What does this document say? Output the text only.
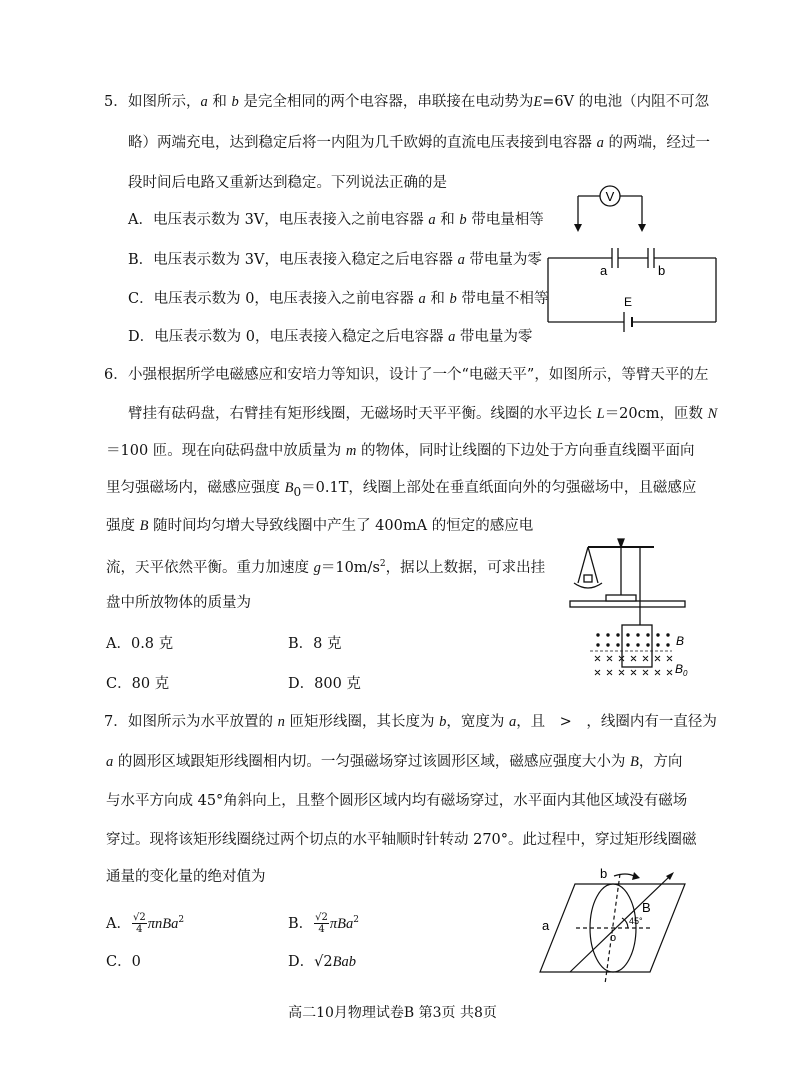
5． 如图所示，a 和 b 是完全相同的两个电容器，串联接在电动势为E=6V 的电池（内阻不可忽
略）两端充电，达到稳定后将一内阻为几千欧姆的直流电压表接到电容器 a 的两端，经过一
段时间后电路又重新达到稳定。下列说法正确的是
A．电压表示数为 3V，电压表接入之前电容器 a 和 b 带电量相等
B．电压表示数为 3V，电压表接入稳定之后电容器 a 带电量为零
C．电压表示数为 0，电压表接入之前电容器 a 和 b 带电量不相等
D．电压表示数为 0，电压表接入稳定之后电容器 a 带电量为零
V
a	b
E
6． 小强根据所学电磁感应和安培力等知识，设计了一个“电磁天平”，如图所示，等臂天平的左
臂挂有砝码盘，右臂挂有矩形线圈，无磁场时天平平衡。线圈的水平边长 L＝20cm，匝数 N
＝100 匝。现在向砝码盘中放质量为 m 的物体，同时让线圈的下边处于方向垂直线圈平面向
里匀强磁场内，磁感应强度 $B_0=0.1T$，线圈上部处在垂直纸面向外的匀强磁场中，且磁感应
强度 B 随时间均匀增大导致线圈中产生了 400mA 的恒定的感应电
流，天平依然平衡。重力加速度 $g=10m/s^2$，据以上数据，可求出挂
盘中所放物体的质量为
A．0.8 克	B．8 克
C．80 克	D．800 克
B
$B_0$
7． 如图所示为水平放置的 n 匝矩形线圈，其长度为 b，宽度为 a，且　>　，线圈内有一直径为
a 的圆形区域跟矩形线圈相内切。一匀强磁场穿过该圆形区域，磁感应强度大小为 B，方向
与水平方向成 45°角斜向上，且整个圆形区域内均有磁场穿过，水平面内其他区域没有磁场
穿过。现将该矩形线圈绕过两个切点的水平轴顺时针转动 270°。此过程中，穿过矩形线圈磁
通量的变化量的绝对值为
A． $\frac{√2}{4} \pi nBa^2$	B． $\frac{√2}{4} \pi Ba^2$
C．0	D．√2Bab
b
a
B
45°
o
高二10月物理试卷B 第3页 共8页
